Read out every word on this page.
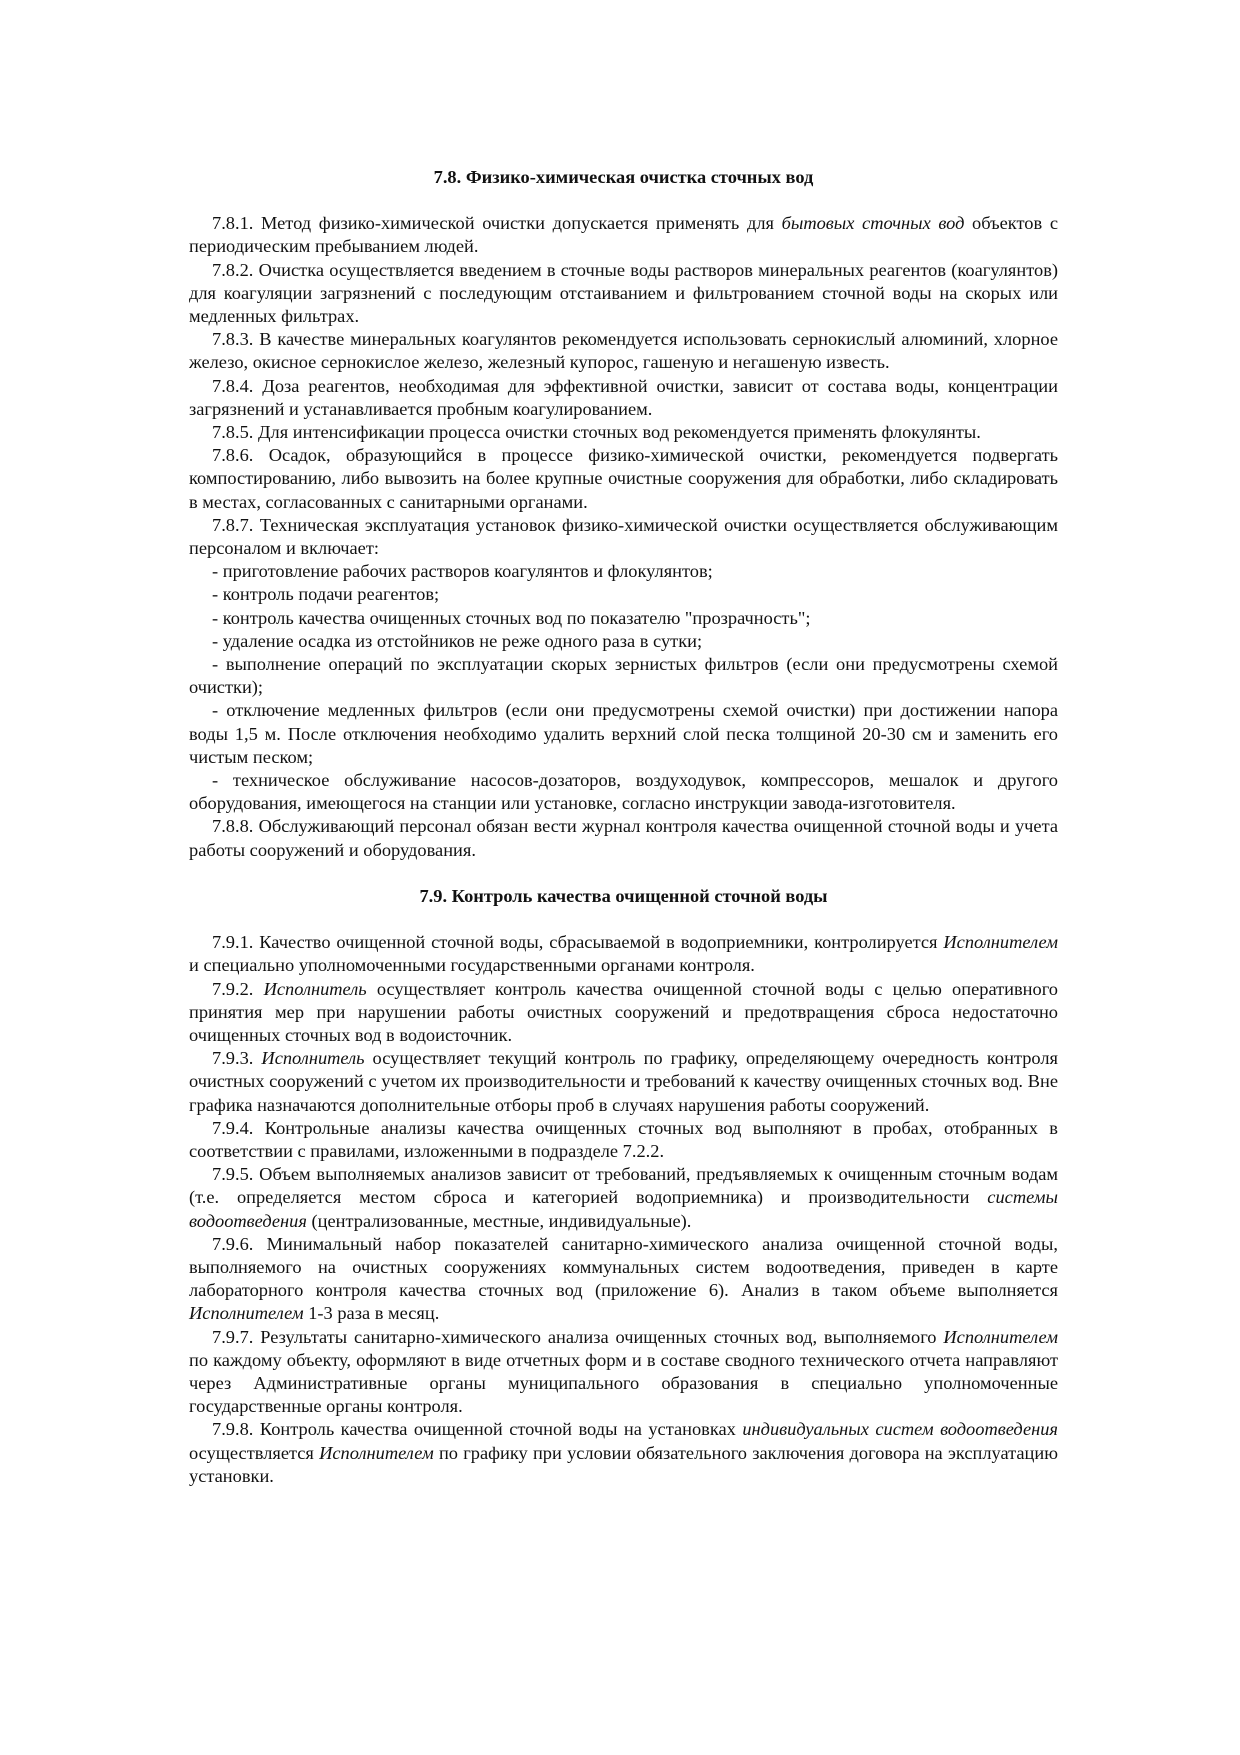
7.8. Физико-химическая очистка сточных вод

7.8.1. Метод физико-химической очистки допускается применять для бытовых сточных вод объектов с периодическим пребыванием людей.

7.8.2. Очистка осуществляется введением в сточные воды растворов минеральных реагентов (коагулянтов) для коагуляции загрязнений с последующим отстаиванием и фильтрованием сточной воды на скорых или медленных фильтрах.

7.8.3. В качестве минеральных коагулянтов рекомендуется использовать сернокислый алюминий, хлорное железо, окисное сернокислое железо, железный купорос, гашеную и негашеную известь.

7.8.4. Доза реагентов, необходимая для эффективной очистки, зависит от состава воды, концентрации загрязнений и устанавливается пробным коагулированием.

7.8.5. Для интенсификации процесса очистки сточных вод рекомендуется применять флокулянты.

7.8.6. Осадок, образующийся в процессе физико-химической очистки, рекомендуется подвергать компостированию, либо вывозить на более крупные очистные сооружения для обработки, либо складировать в местах, согласованных с санитарными органами.

7.8.7. Техническая эксплуатация установок физико-химической очистки осуществляется обслуживающим персоналом и включает:

- приготовление рабочих растворов коагулянтов и флокулянтов;

- контроль подачи реагентов;

- контроль качества очищенных сточных вод по показателю "прозрачность";

- удаление осадка из отстойников не реже одного раза в сутки;

- выполнение операций по эксплуатации скорых зернистых фильтров (если они предусмотрены схемой очистки);

- отключение медленных фильтров (если они предусмотрены схемой очистки) при достижении напора воды 1,5 м. После отключения необходимо удалить верхний слой песка толщиной 20-30 см и заменить его чистым песком;

- техническое обслуживание насосов-дозаторов, воздуходувок, компрессоров, мешалок и другого оборудования, имеющегося на станции или установке, согласно инструкции завода-изготовителя.

7.8.8. Обслуживающий персонал обязан вести журнал контроля качества очищенной сточной воды и учета работы сооружений и оборудования.

7.9. Контроль качества очищенной сточной воды

7.9.1. Качество очищенной сточной воды, сбрасываемой в водоприемники, контролируется Исполнителем и специально уполномоченными государственными органами контроля.

7.9.2. Исполнитель осуществляет контроль качества очищенной сточной воды с целью оперативного принятия мер при нарушении работы очистных сооружений и предотвращения сброса недостаточно очищенных сточных вод в водоисточник.

7.9.3. Исполнитель осуществляет текущий контроль по графику, определяющему очередность контроля очистных сооружений с учетом их производительности и требований к качеству очищенных сточных вод. Вне графика назначаются дополнительные отборы проб в случаях нарушения работы сооружений.

7.9.4. Контрольные анализы качества очищенных сточных вод выполняют в пробах, отобранных в соответствии с правилами, изложенными в подразделе 7.2.2.

7.9.5. Объем выполняемых анализов зависит от требований, предъявляемых к очищенным сточным водам (т.е. определяется местом сброса и категорией водоприемника) и производительности системы водоотведения (централизованные, местные, индивидуальные).

7.9.6. Минимальный набор показателей санитарно-химического анализа очищенной сточной воды, выполняемого на очистных сооружениях коммунальных систем водоотведения, приведен в карте лабораторного контроля качества сточных вод (приложение 6). Анализ в таком объеме выполняется Исполнителем 1-3 раза в месяц.

7.9.7. Результаты санитарно-химического анализа очищенных сточных вод, выполняемого Исполнителем по каждому объекту, оформляют в виде отчетных форм и в составе сводного технического отчета направляют через Административные органы муниципального образования в специально уполномоченные государственные органы контроля.

7.9.8. Контроль качества очищенной сточной воды на установках индивидуальных систем водоотведения осуществляется Исполнителем по графику при условии обязательного заключения договора на эксплуатацию установки.
